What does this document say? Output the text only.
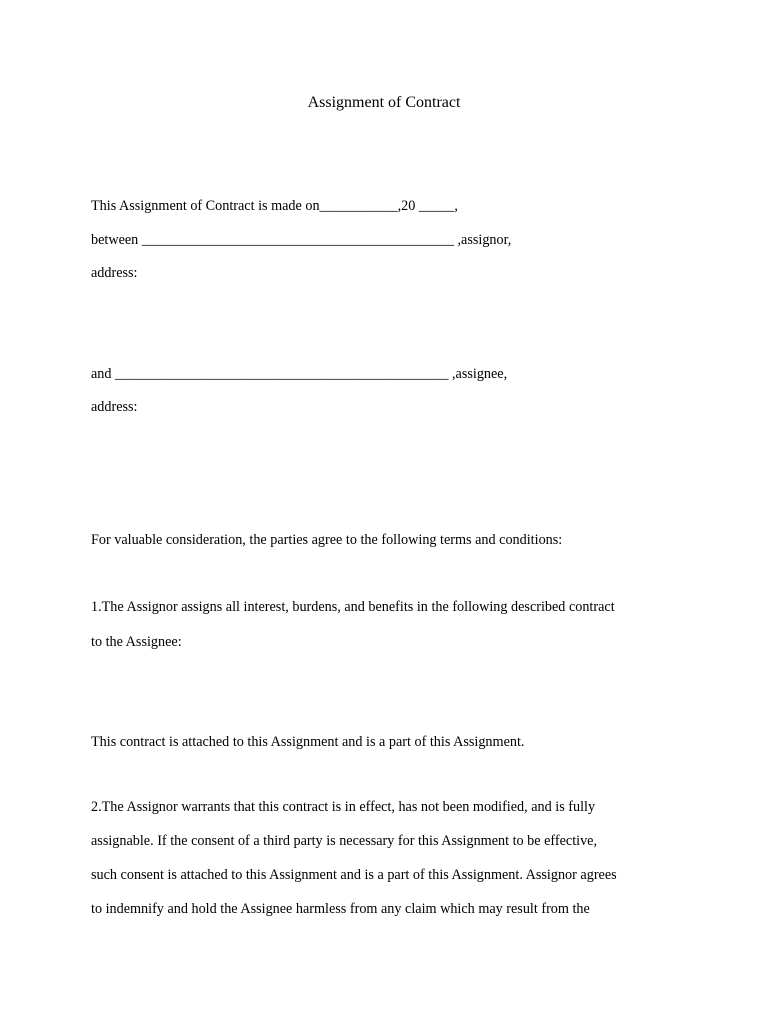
Assignment of Contract
This Assignment of Contract is made on___________,20 _____,
between ____________________________________________ ,assignor,
address:
and _______________________________________________ ,assignee,
address:
For valuable consideration, the parties agree to the following terms and conditions:
1.The Assignor assigns all interest, burdens, and benefits in the following described contract
to the Assignee:
This contract is attached to this Assignment and is a part of this Assignment.
2.The Assignor warrants that this contract is in effect, has not been modified, and is fully
assignable. If the consent of a third party is necessary for this Assignment to be effective,
such consent is attached to this Assignment and is a part of this Assignment. Assignor agrees
to indemnify and hold the Assignee harmless from any claim which may result from the
